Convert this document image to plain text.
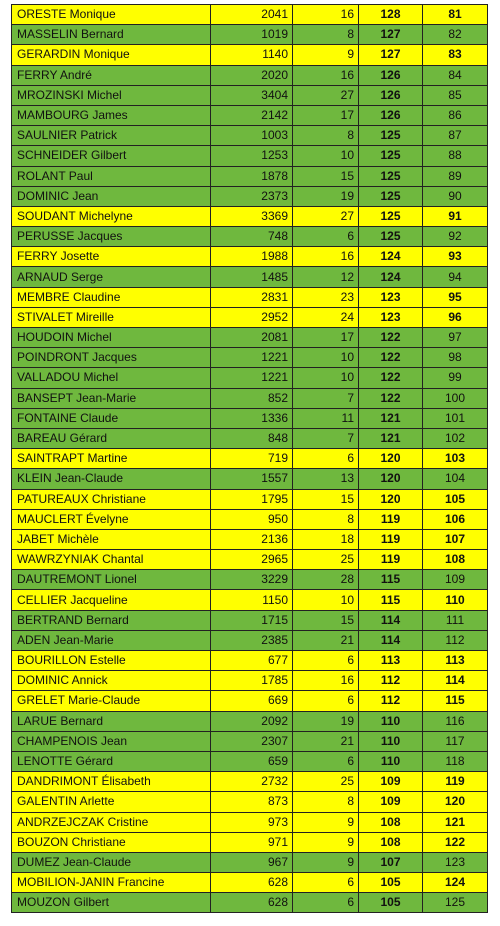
ORESTE Monique	2041	16	128	81
MASSELIN Bernard	1019	8	127	82
GERARDIN Monique	1140	9	127	83
FERRY André	2020	16	126	84
MROZINSKI Michel	3404	27	126	85
MAMBOURG James	2142	17	126	86
SAULNIER Patrick	1003	8	125	87
SCHNEIDER Gilbert	1253	10	125	88
ROLANT Paul	1878	15	125	89
DOMINIC Jean	2373	19	125	90
SOUDANT Michelyne	3369	27	125	91
PERUSSE Jacques	748	6	125	92
FERRY Josette	1988	16	124	93
ARNAUD Serge	1485	12	124	94
MEMBRE Claudine	2831	23	123	95
STIVALET Mireille	2952	24	123	96
HOUDOIN Michel	2081	17	122	97
POINDRONT Jacques	1221	10	122	98
VALLADOU Michel	1221	10	122	99
BANSEPT Jean-Marie	852	7	122	100
FONTAINE Claude	1336	11	121	101
BAREAU Gérard	848	7	121	102
SAINTRAPT Martine	719	6	120	103
KLEIN Jean-Claude	1557	13	120	104
PATUREAUX Christiane	1795	15	120	105
MAUCLERT Évelyne	950	8	119	106
JABET Michèle	2136	18	119	107
WAWRZYNIAK Chantal	2965	25	119	108
DAUTREMONT Lionel	3229	28	115	109
CELLIER Jacqueline	1150	10	115	110
BERTRAND Bernard	1715	15	114	111
ADEN Jean-Marie	2385	21	114	112
BOURILLON Estelle	677	6	113	113
DOMINIC Annick	1785	16	112	114
GRELET Marie-Claude	669	6	112	115
LARUE Bernard	2092	19	110	116
CHAMPENOIS Jean	2307	21	110	117
LENOTTE Gérard	659	6	110	118
DANDRIMONT Élisabeth	2732	25	109	119
GALENTIN Arlette	873	8	109	120
ANDRZEJCZAK Cristine	973	9	108	121
BOUZON Christiane	971	9	108	122
DUMEZ Jean-Claude	967	9	107	123
MOBILION-JANIN Francine	628	6	105	124
MOUZON Gilbert	628	6	105	125
